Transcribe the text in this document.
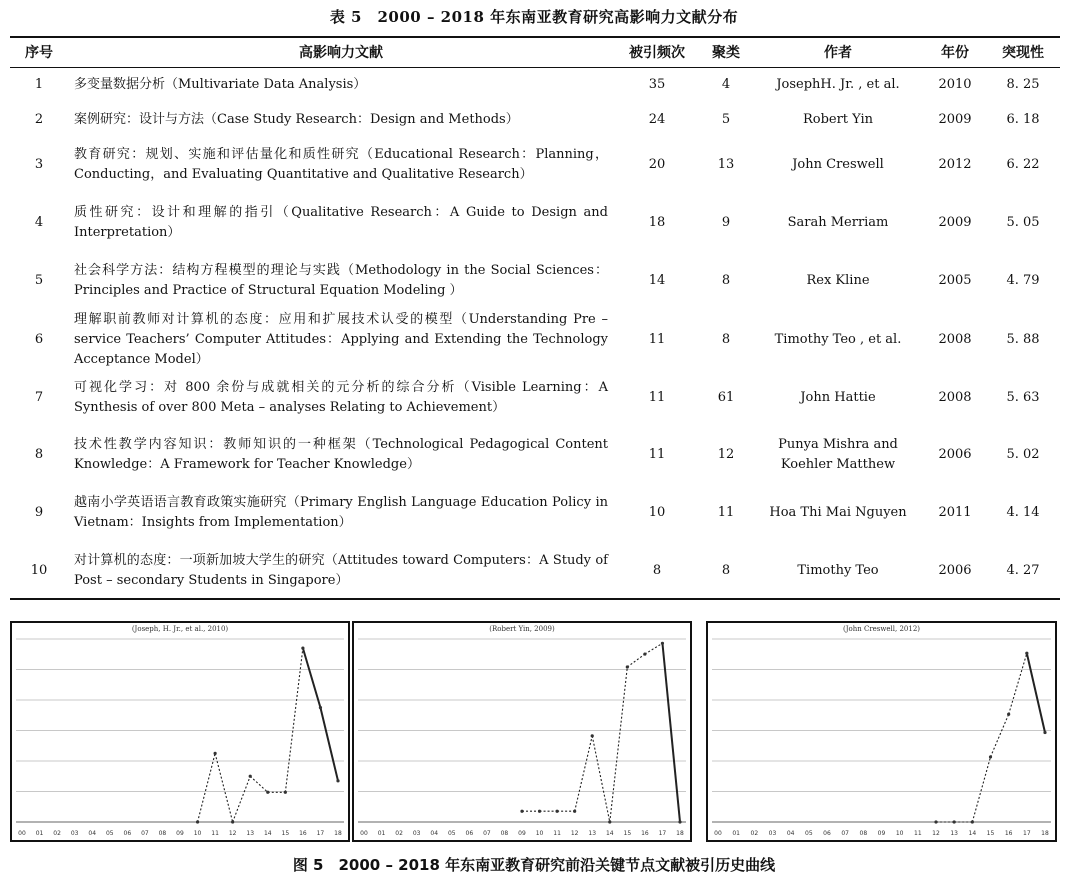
表 5　2000 – 2018 年东南亚教育研究高影响力文献分布
序号	高影响力文献	被引频次	聚类	作者	年份	突现性
1	多变量数据分析（Multivariate Data Analysis）	35	4	JosephH. Jr. , et al.	2010	8. 25
2	案例研究：设计与方法（Case Study Research：Design and Methods）	24	5	Robert Yin	2009	6. 18
3	教育研究：规划、实施和评估量化和质性研究（Educational Research：Planning，Conducting，and Evaluating Quantitative and Qualitative Research）	20	13	John Creswell	2012	6. 22
4	质性研究：设计和理解的指引（Qualitative Research：A Guide to Design and Interpretation）	18	9	Sarah Merriam	2009	5. 05
5	社会科学方法：结构方程模型的理论与实践（Methodology in the Social Sciences：Principles and Practice of Structural Equation Modeling ）	14	8	Rex Kline	2005	4. 79
6	理解职前教师对计算机的态度：应用和扩展技术认受的模型（Understanding Pre – service Teachers’ Computer Attitudes：Applying and Extending the Technology Acceptance Model）	11	8	Timothy Teo , et al.	2008	5. 88
7	可视化学习：对 800 余份与成就相关的元分析的综合分析（Visible Learning：A Synthesis of over 800 Meta – analyses Relating to Achievement）	11	61	John Hattie	2008	5. 63
8	技术性教学内容知识：教师知识的一种框架（Technological Pedagogical Content Knowledge：A Framework for Teacher Knowledge）	11	12	Punya Mishra and Koehler Matthew	2006	5. 02
9	越南小学英语语言教育政策实施研究（Primary English Language Education Policy in Vietnam：Insights from Implementation）	10	11	Hoa Thi Mai Nguyen	2011	4. 14
10	对计算机的态度：一项新加坡大学生的研究（Attitudes toward Computers：A Study of Post – secondary Students in Singapore）	8	8	Timothy Teo	2006	4. 27
(Joseph, H. Jr., et al., 2010)
00 01 02 03 04 05 06 07 08 09 10 11 12 13 14 15 16 17 18
(Robert Yin, 2009)
00 01 02 03 04 05 06 07 08 09 10 11 12 13 14 15 16 17 18
(John Creswell, 2012)
00 01 02 03 04 05 06 07 08 09 10 11 12 13 14 15 16 17 18
图 5　2000 – 2018 年东南亚教育研究前沿关键节点文献被引历史曲线
